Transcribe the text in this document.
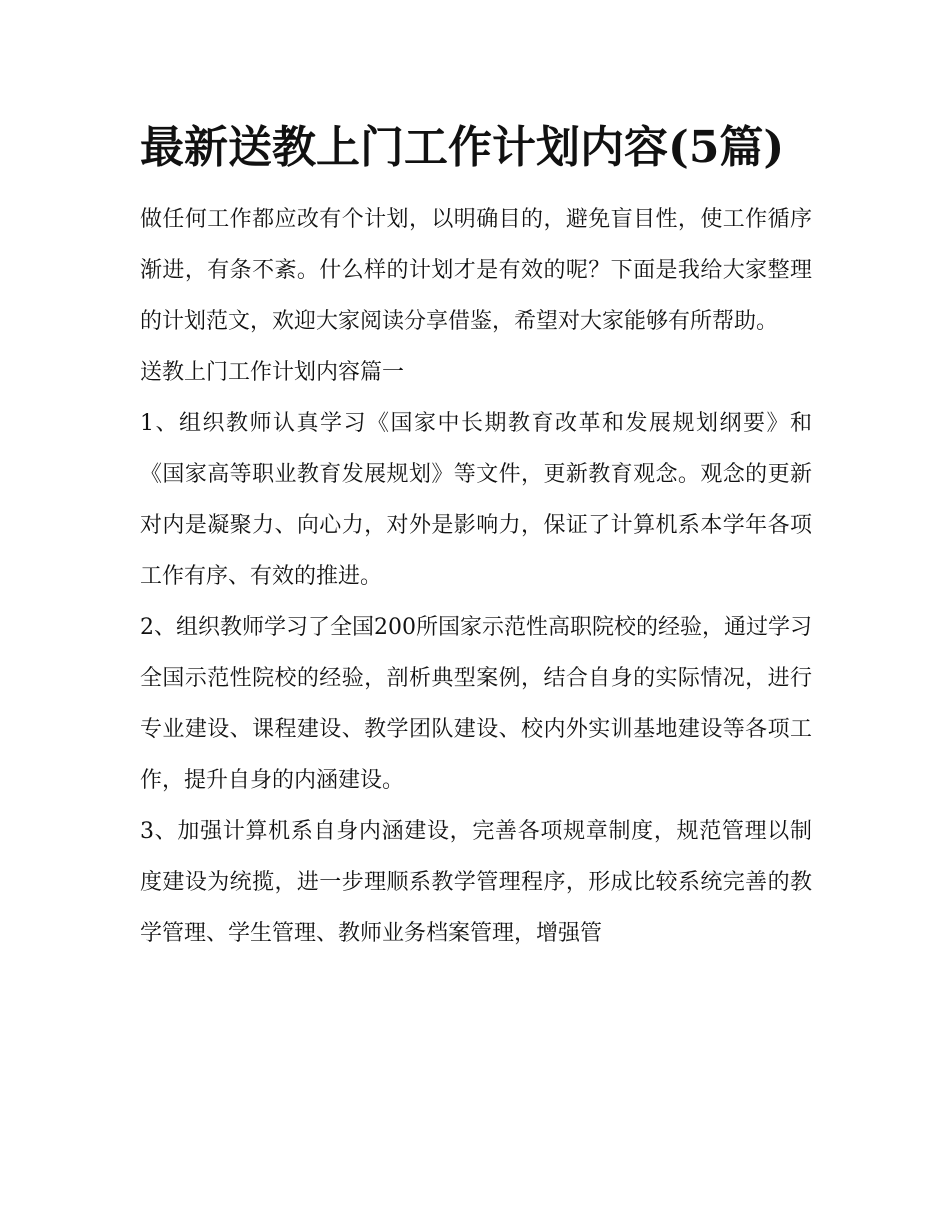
最新送教上门工作计划内容(5篇)

做任何工作都应改有个计划，以明确目的，避免盲目性，使工作循序渐进，有条不紊。什么样的计划才是有效的呢？下面是我给大家整理的计划范文，欢迎大家阅读分享借鉴，希望对大家能够有所帮助。

送教上门工作计划内容篇一

1、组织教师认真学习《国家中长期教育改革和发展规划纲要》和《国家高等职业教育发展规划》等文件，更新教育观念。观念的更新对内是凝聚力、向心力，对外是影响力，保证了计算机系本学年各项工作有序、有效的推进。

2、组织教师学习了全国200所国家示范性高职院校的经验，通过学习全国示范性院校的经验，剖析典型案例，结合自身的实际情况，进行专业建设、课程建设、教学团队建设、校内外实训基地建设等各项工作，提升自身的内涵建设。

3、加强计算机系自身内涵建设，完善各项规章制度，规范管理以制度建设为统揽，进一步理顺系教学管理程序，形成比较系统完善的教学管理、学生管理、教师业务档案管理，增强管
